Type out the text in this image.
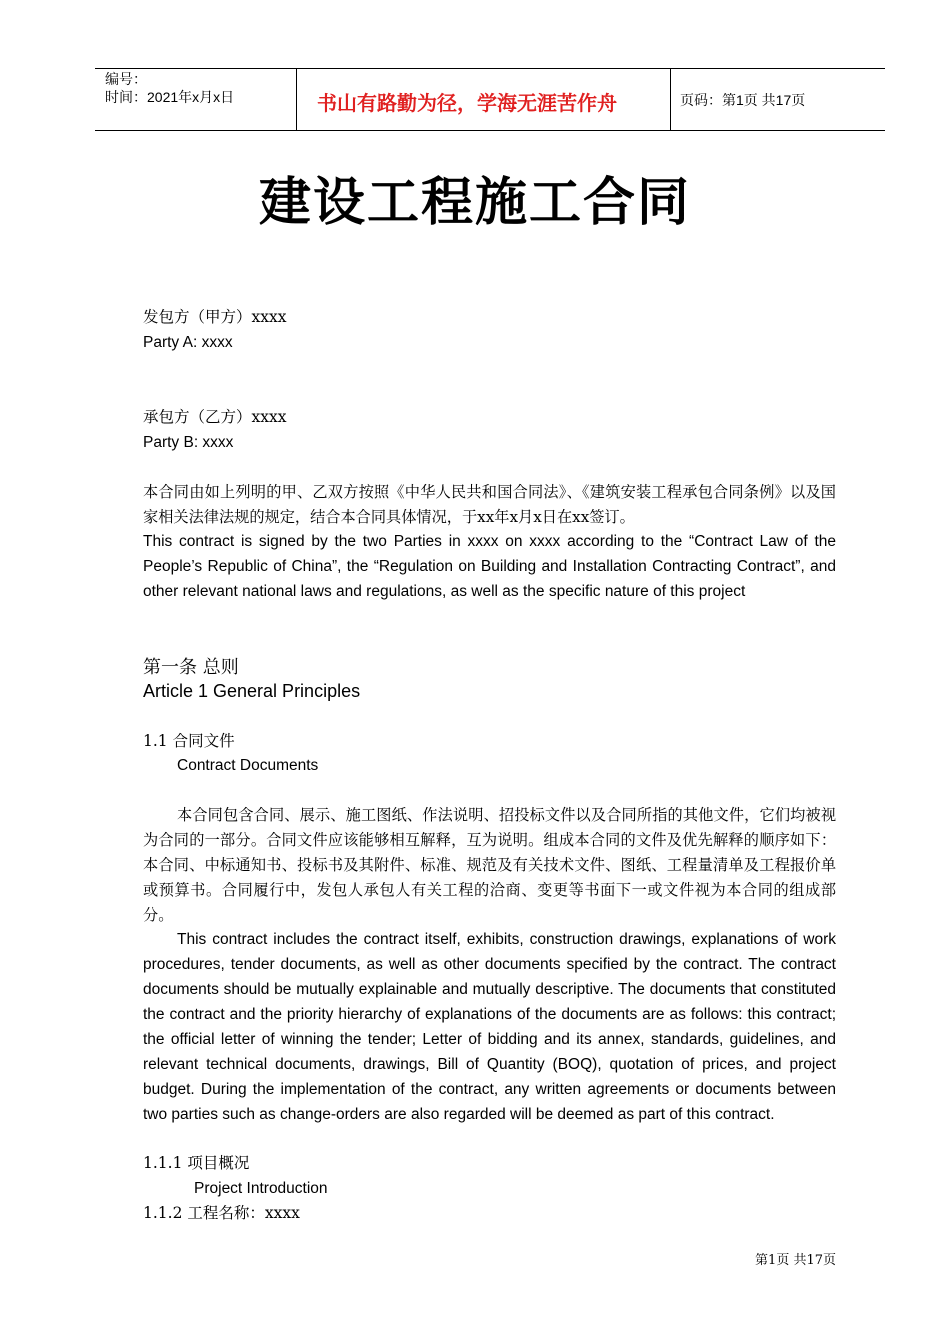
编号：
时间：2021年x月x日	书山有路勤为径，学海无涯苦作舟	页码：第1页 共17页
建设工程施工合同
发包方（甲方）xxxx
Party A: xxxx
承包方（乙方）xxxx
Party B: xxxx
本合同由如上列明的甲、乙双方按照《中华人民共和国合同法》、《建筑安装工程承包合同条例》以及国家相关法律法规的规定，结合本合同具体情况，于xx年x月x日在xx签订。
This contract is signed by the two Parties in xxxx on xxxx according to the “Contract Law of the People’s Republic of China”, the “Regulation on Building and Installation Contracting Contract”, and other relevant national laws and regulations, as well as the specific nature of this project
第一条 总则
Article 1 General Principles
1.1 合同文件
Contract Documents
本合同包含合同、展示、施工图纸、作法说明、招投标文件以及合同所指的其他文件，它们均被视为合同的一部分。合同文件应该能够相互解释，互为说明。组成本合同的文件及优先解释的顺序如下：本合同、中标通知书、投标书及其附件、标准、规范及有关技术文件、图纸、工程量清单及工程报价单或预算书。合同履行中，发包人承包人有关工程的洽商、变更等书面下一或文件视为本合同的组成部分。
This contract includes the contract itself, exhibits, construction drawings, explanations of work procedures, tender documents, as well as other documents specified by the contract. The contract documents should be mutually explainable and mutually descriptive. The documents that constituted the contract and the priority hierarchy of explanations of the documents are as follows: this contract; the official letter of winning the tender; Letter of bidding and its annex, standards, guidelines, and relevant technical documents, drawings, Bill of Quantity (BOQ), quotation of prices, and project budget. During the implementation of the contract, any written agreements or documents between two parties such as change-orders are also regarded will be deemed as part of this contract.
1.1.1 项目概况
Project Introduction
1.1.2 工程名称：xxxx
第1页 共17页
